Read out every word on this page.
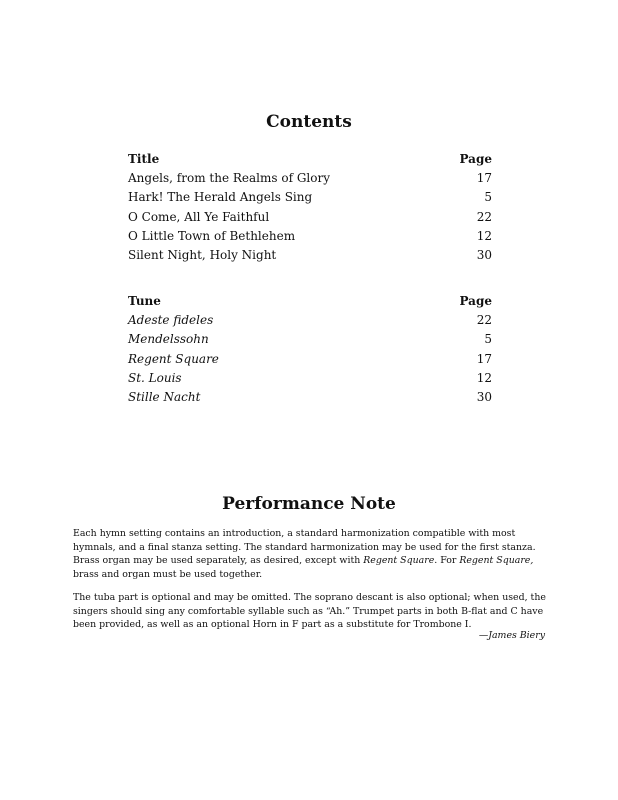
Contents
Title	Page
Angels, from the Realms of Glory	17
Hark! The Herald Angels Sing	5
O Come, All Ye Faithful	22
O Little Town of Bethlehem	12
Silent Night, Holy Night	30
Tune	Page
Adeste fideles	22
Mendelssohn	5
Regent Square	17
St. Louis	12
Stille Nacht	30
Performance Note

Each hymn setting contains an introduction, a standard harmonization compatible with most hymnals, and a final stanza setting. The standard harmonization may be used for the first stanza. Brass organ may be used separately, as desired, except with Regent Square. For Regent Square, brass and organ must be used together.

The tuba part is optional and may be omitted. The soprano descant is also optional; when used, the singers should sing any comfortable syllable such as “Ah.” Trumpet parts in both B-flat and C have been provided, as well as an optional Horn in F part as a substitute for Trombone I.

—James Biery
